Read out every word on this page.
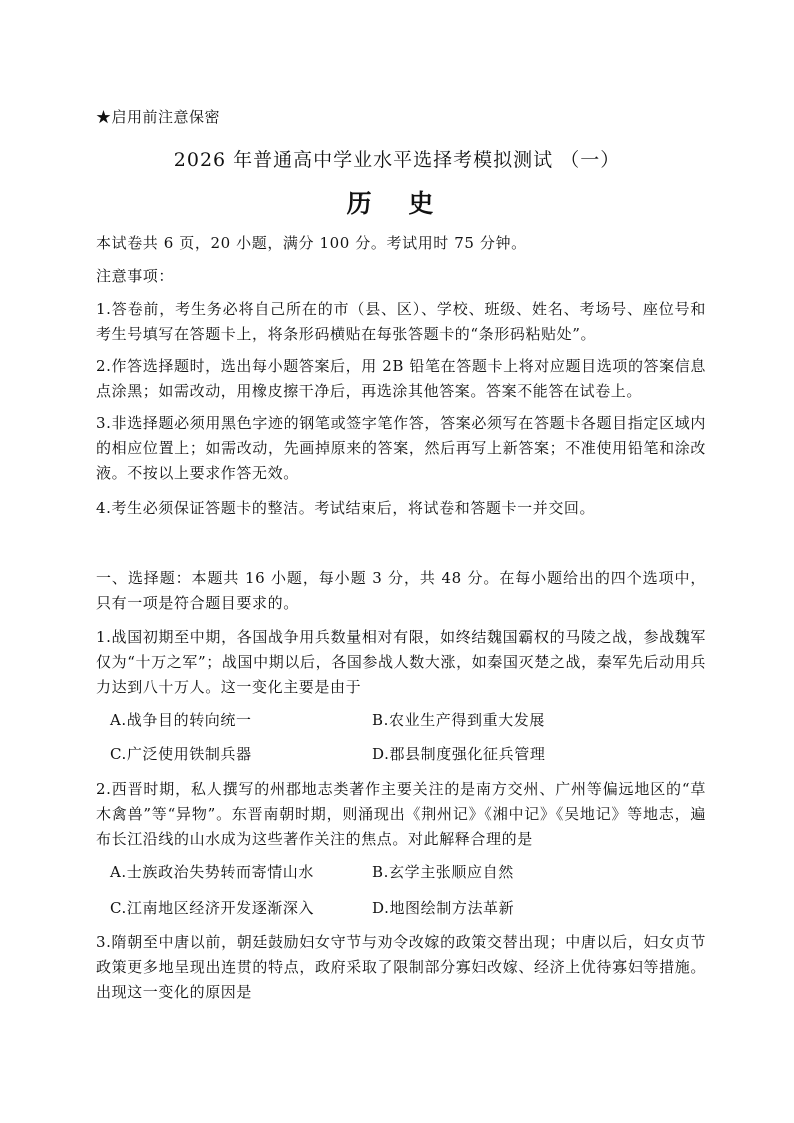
★启用前注意保密
2026 年普通高中学业水平选择考模拟测试 （一）
历 史
本试卷共 6 页，20 小题，满分 100 分。考试用时 75 分钟。
注意事项：
1.答卷前，考生务必将自己所在的市（县、区）、学校、班级、姓名、考场号、座位号和考生号填写在答题卡上，将条形码横贴在每张答题卡的“条形码粘贴处”。
2.作答选择题时，选出每小题答案后，用 2B 铅笔在答题卡上将对应题目选项的答案信息点涂黑；如需改动，用橡皮擦干净后，再选涂其他答案。答案不能答在试卷上。
3.非选择题必须用黑色字迹的钢笔或签字笔作答，答案必须写在答题卡各题目指定区域内的相应位置上；如需改动，先画掉原来的答案，然后再写上新答案；不准使用铅笔和涂改液。不按以上要求作答无效。
4.考生必须保证答题卡的整洁。考试结束后，将试卷和答题卡一并交回。
一、选择题：本题共 16 小题，每小题 3 分，共 48 分。在每小题给出的四个选项中，只有一项是符合题目要求的。
1.战国初期至中期，各国战争用兵数量相对有限，如终结魏国霸权的马陵之战，参战魏军仅为“十万之军”；战国中期以后，各国参战人数大涨，如秦国灭楚之战，秦军先后动用兵力达到八十万人。这一变化主要是由于
A.战争目的转向统一	B.农业生产得到重大发展
C.广泛使用铁制兵器	D.郡县制度强化征兵管理
2.西晋时期，私人撰写的州郡地志类著作主要关注的是南方交州、广州等偏远地区的“草木禽兽”等“异物”。东晋南朝时期，则涌现出《荆州记》《湘中记》《吴地记》等地志，遍布长江沿线的山水成为这些著作关注的焦点。对此解释合理的是
A.士族政治失势转而寄情山水	B.玄学主张顺应自然
C.江南地区经济开发逐渐深入	D.地图绘制方法革新
3.隋朝至中唐以前，朝廷鼓励妇女守节与劝令改嫁的政策交替出现；中唐以后，妇女贞节政策更多地呈现出连贯的特点，政府采取了限制部分寡妇改嫁、经济上优待寡妇等措施。出现这一变化的原因是
